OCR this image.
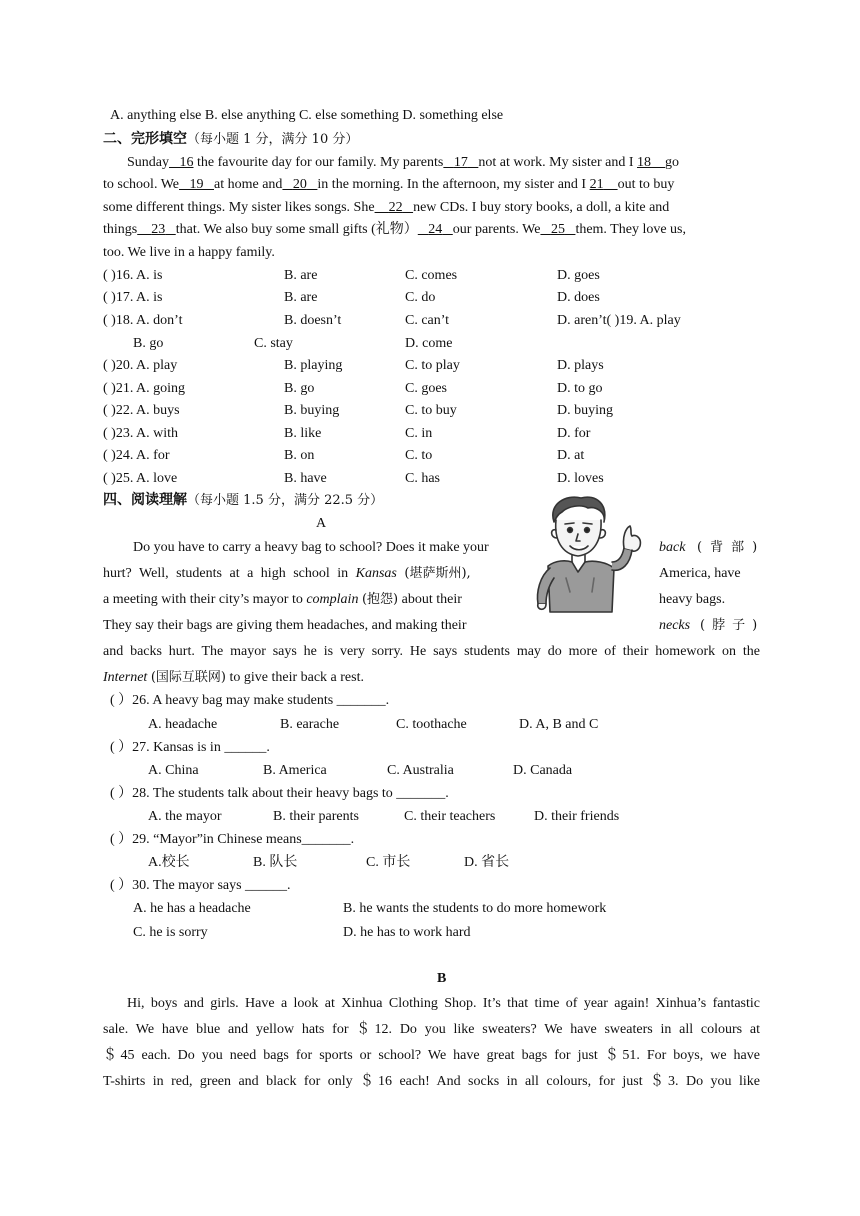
A. anything else B. else anything C. else something D. something else
二、完形填空（每小题 1 分，满分 10 分）
Sunday 16 the favourite day for our family. My parents 17 not at work. My sister and I 18 go
to school. We 19 at home and 20 in the morning. In the afternoon, my sister and I 21 out to buy
some different things. My sister likes songs. She 22 new CDs. I buy story books, a doll, a kite and
things 23 that. We also buy some small gifts (礼物） 24 our parents. We 25 them. They love us,
too. We live in a happy family.
( )16. A. is	B. are	C. comes	D. goes
( )17. A. is	B. are	C. do	D. does
( )18. A. don’t	B. doesn’t	C. can’t	D. aren’t( )19. A. play
B. go	C. stay	D. come
( )20. A. play	B. playing	C. to play	D. plays
( )21. A. going	B. go	C. goes	D. to go
( )22. A. buys	B. buying	C. to buy	D. buying
( )23. A. with	B. like	C. in	D. for
( )24. A. for	B. on	C. to	D. at
( )25. A. love	B. have	C. has	D. loves
四、阅读理解（每小题 1.5 分，满分 22.5 分）
A
Do you have to carry a heavy bag to school? Does it make your	back (背部)
hurt? Well, students at a high school in Kansas (堪萨斯州),	America, have
a meeting with their city’s mayor to complain (抱怨) about their	heavy bags.
They say their bags are giving them headaches, and making their	necks (脖子)
and backs hurt. The mayor says he is very sorry. He says students may do more of their homework on the
Internet (国际互联网) to give their back a rest.
( ）26. A heavy bag may make students _______.
A. headache	B. earache	C. toothache	D. A, B and C
( ）27. Kansas is in ______.
A. China	B. America	C. Australia	D. Canada
( ）28. The students talk about their heavy bags to _______.
A. the mayor	B. their parents	C. their teachers	D. their friends
( ）29. “Mayor”in Chinese means_______.
A.校长	B. 队长	C. 市长	D. 省长
( ）30. The mayor says ______.
A. he has a headache	B. he wants the students to do more homework
C. he is sorry	D. he has to work hard
B
Hi, boys and girls. Have a look at Xinhua Clothing Shop. It’s that time of year again! Xinhua’s fantastic
sale. We have blue and yellow hats for ＄12. Do you like sweaters? We have sweaters in all colours at
＄45 each. Do you need bags for sports or school? We have great bags for just ＄51. For boys, we have
T-shirts in red, green and black for only ＄16 each! And socks in all colours, for just ＄3. Do you like
